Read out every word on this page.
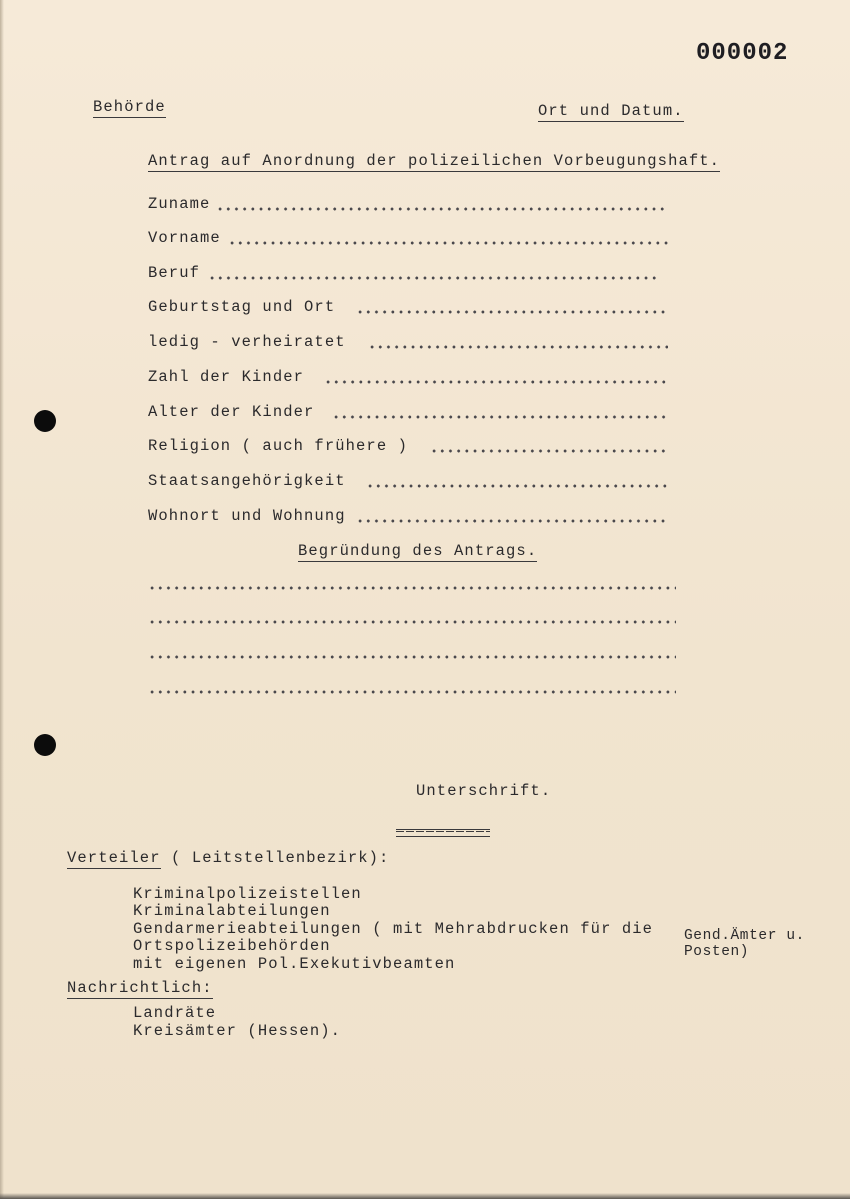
000002
Behörde	Ort und Datum.
Antrag auf Anordnung der polizeilichen Vorbeugungshaft.
Zuname
Vorname
Beruf
Geburtstag und Ort
ledig - verheiratet
Zahl der Kinder
Alter der Kinder
Religion ( auch frühere )
Staatsangehörigkeit
Wohnort und Wohnung
Begründung des Antrags.
Unterschrift.
Verteiler ( Leitstellenbezirk):
Kriminalpolizeistellen
Kriminalabteilungen
Gendarmerieabteilungen ( mit Mehrabdrucken für die
Ortspolizeibehörden
mit eigenen Pol.Exekutivbeamten
Gend.Ämter u.
Posten)
Nachrichtlich:
Landräte
Kreisämter (Hessen).
